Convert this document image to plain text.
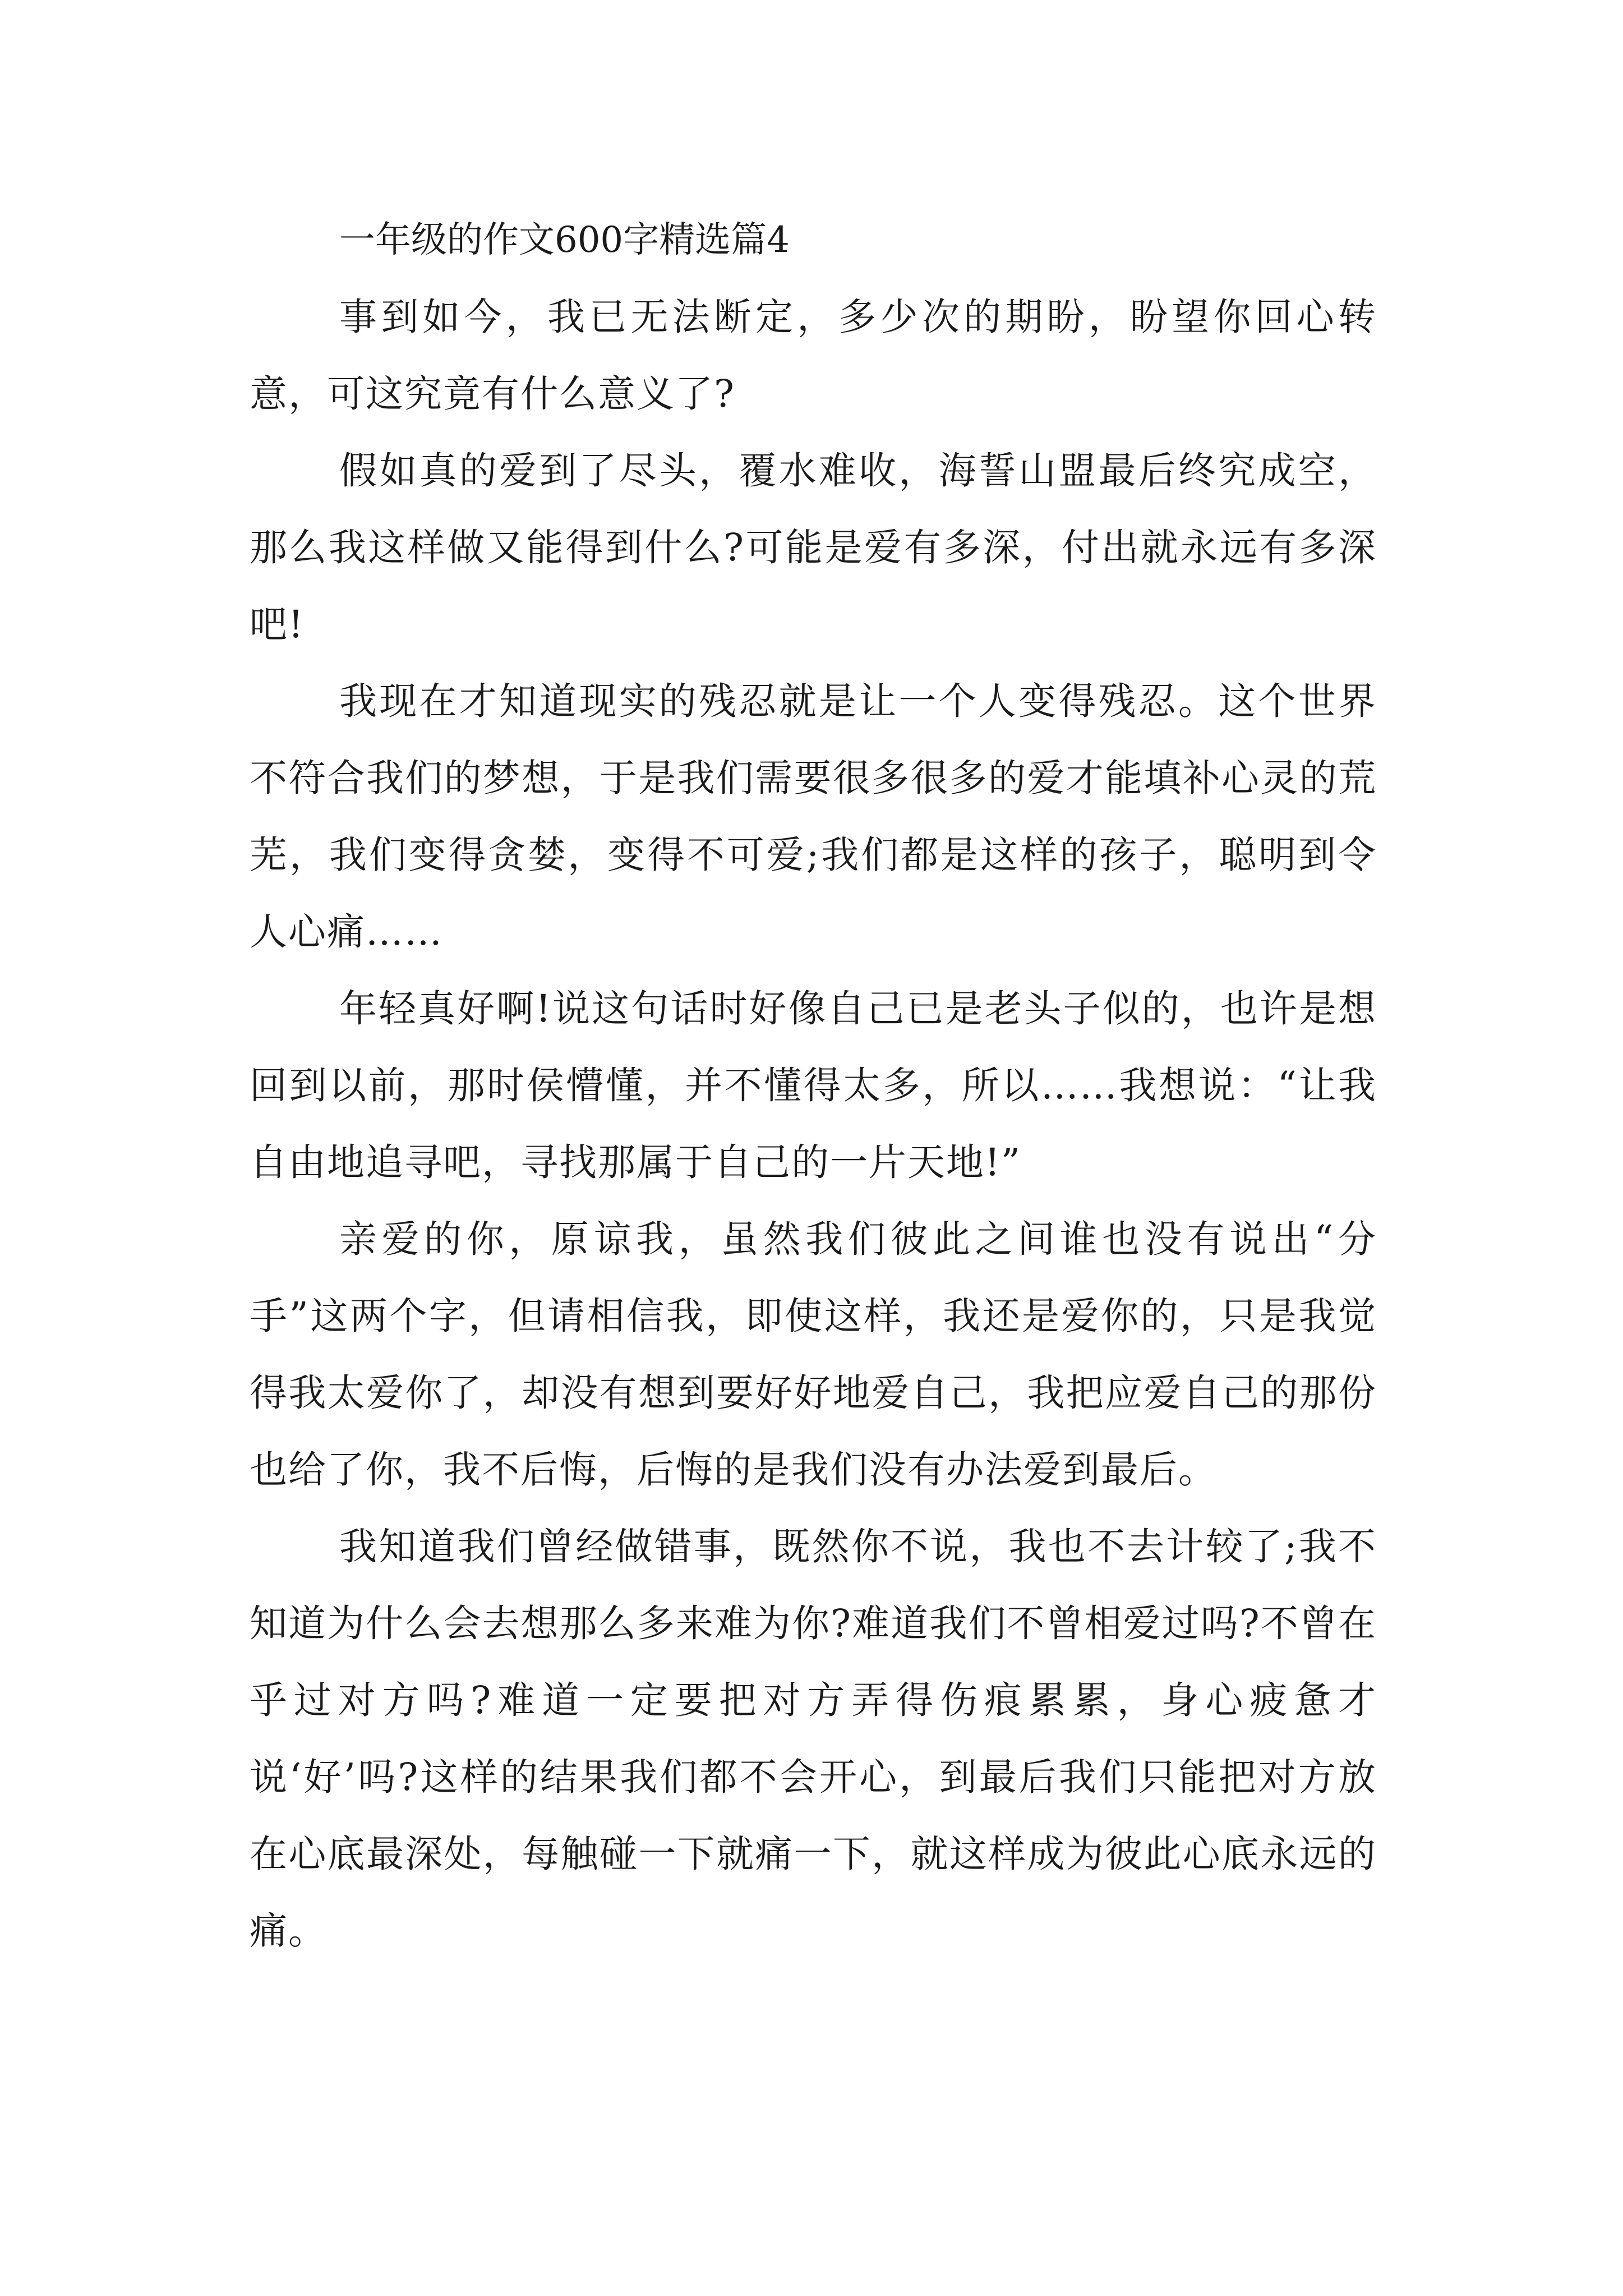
一年级的作文600字精选篇4

事到如今，我已无法断定，多少次的期盼，盼望你回心转意，可这究竟有什么意义了?

假如真的爱到了尽头，覆水难收，海誓山盟最后终究成空，那么我这样做又能得到什么?可能是爱有多深，付出就永远有多深吧!

我现在才知道现实的残忍就是让一个人变得残忍。这个世界不符合我们的梦想，于是我们需要很多很多的爱才能填补心灵的荒芜，我们变得贪婪，变得不可爱;我们都是这样的孩子，聪明到令人心痛……

年轻真好啊!说这句话时好像自己已是老头子似的，也许是想回到以前，那时侯懵懂，并不懂得太多，所以……我想说：“让我自由地追寻吧，寻找那属于自己的一片天地!”

亲爱的你，原谅我，虽然我们彼此之间谁也没有说出“分手”这两个字，但请相信我，即使这样，我还是爱你的，只是我觉得我太爱你了，却没有想到要好好地爱自己，我把应爱自己的那份也给了你，我不后悔，后悔的是我们没有办法爱到最后。

我知道我们曾经做错事，既然你不说，我也不去计较了;我不知道为什么会去想那么多来难为你?难道我们不曾相爱过吗?不曾在乎过对方吗?难道一定要把对方弄得伤痕累累，身心疲惫才说‘好’吗?这样的结果我们都不会开心，到最后我们只能把对方放在心底最深处，每触碰一下就痛一下，就这样成为彼此心底永远的痛。
